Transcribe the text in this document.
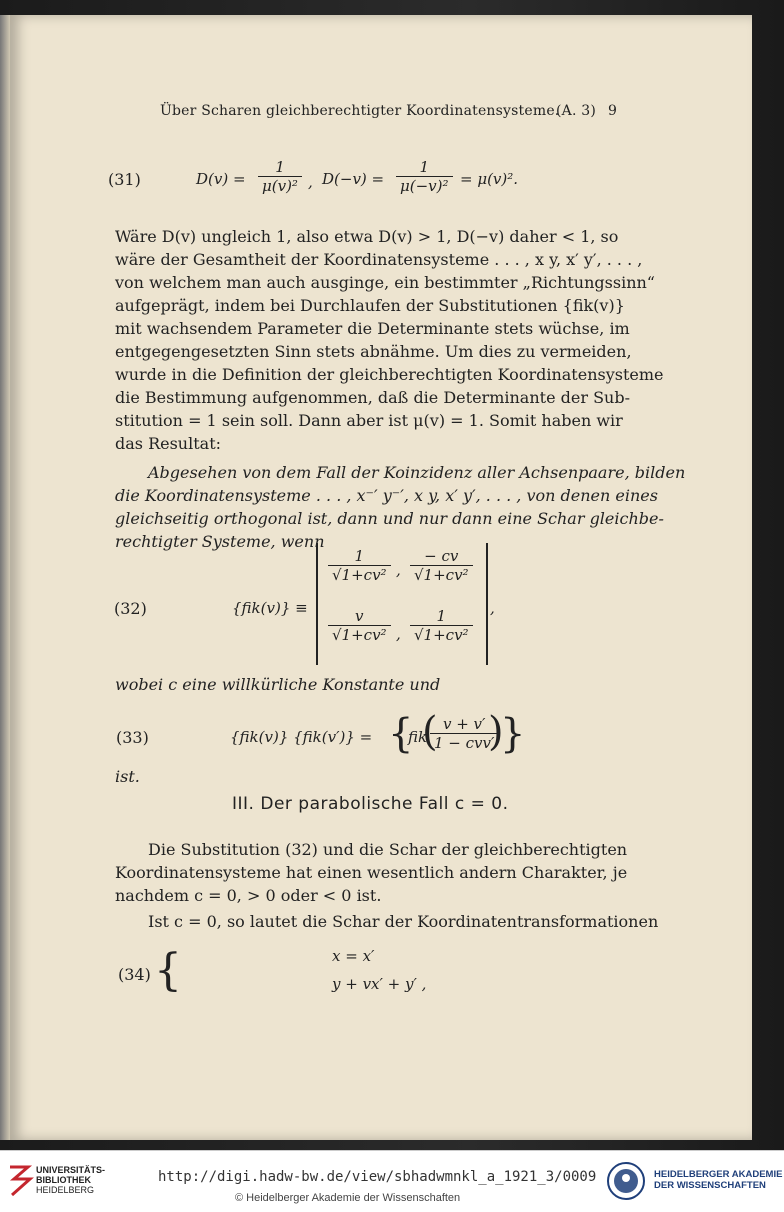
Über Scharen gleichberechtigter Koordinatensysteme.
(A. 3) 9
(31)	$D(v) = \frac{1}{\text{μ(v)²}}$ , $D(-v) = \frac{1}{\text{μ(−v)²}} = \mu(v)^2$.
Wäre D(v) ungleich 1, also etwa D(v) > 1, D(−v) daher < 1, so
wäre der Gesamtheit der Koordinatensysteme . . . , x y, x′ y′, . . . ,
von welchem man auch ausginge, ein bestimmter „Richtungssinn“
aufgeprägt, indem bei Durchlaufen der Substitutionen {fik(v)}
mit wachsendem Parameter die Determinante stets wüchse, im
entgegengesetzten Sinn stets abnähme. Um dies zu vermeiden,
wurde in die Definition der gleichberechtigten Koordinatensysteme
die Bestimmung aufgenommen, daß die Determinante der Sub-
stitution = 1 sein soll. Dann aber ist μ(v) = 1. Somit haben wir
das Resultat:
Abgesehen von dem Fall der Koinzidenz aller Achsenpaare, bilden
die Koordinatensysteme . . . , x⁻′ y⁻′, x y, x′ y′, . . . , von denen eines
gleichseitig orthogonal ist, dann und nur dann eine Schar gleichbe-
rechtigter Systeme, wenn
(32)	{fik(v)} ≡
$\frac{1}{\text{√1+cv²}}$ , $\frac{- cv}{\text{√1+cv²}}$
$\frac{v}{\text{√1+cv²}}$ , $\frac{1}{\text{√1+cv²}}$ ,
wobei c eine willkürliche Konstante und
(33)	{fik(v)} {fik(v′)} = {
fik
(
$\frac{v + v'}{\text{1 − cvv′}}$
)
}
ist.
III. Der parabolische Fall c = 0.
Die Substitution (32) und die Schar der gleichberechtigten
Koordinatensysteme hat einen wesentlich andern Charakter, je
nachdem c = 0, > 0 oder < 0 ist.
Ist c = 0, so lautet die Schar der Koordinatentransformationen
(34) {	x = x′
y + vx′ + y′ ,
UNIVERSITÄTS-
BIBLIOTHEK
HEIDELBERG
http://digi.hadw-bw.de/view/sbhadwmnkl_a_1921_3/0009
© Heidelberger Akademie der Wissenschaften
HEIDELBERGER AKADEMIE
DER WISSENSCHAFTEN
